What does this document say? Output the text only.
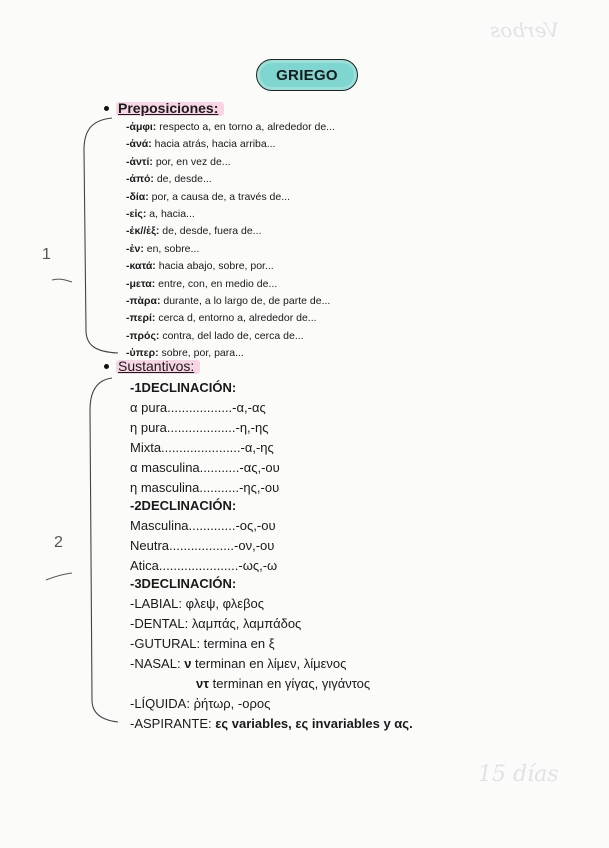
Verbos
15 días
GRIEGO
1
2
Preposiciones:
-ἀμφι: respecto a, en torno a, alrededor de...
-ἀνά: hacia atrás, hacia arriba...
-ἀντί: por, en vez de...
-ἀπό: de, desde...
-δία: por, a causa de, a través de...
-εἰς: a, hacia...
-ἐκ//ἐξ: de, desde, fuera de...
-ἐν: en, sobre...
-κατά: hacia abajo, sobre, por...
-μετα: entre, con, en medio de...
-πὰρα: durante, a lo largo de, de parte de...
-περί: cerca d, entorno a, alrededor de...
-πρός: contra, del lado de, cerca de...
-ὑπερ: sobre, por, para...
Sustantivos:
-1DECLINACIÓN:
α pura..................-α,-ας
η pura...................-η,-ης
Mixta......................-α,-ης
α masculina...........-ας,-ου
η masculina...........-ης,-ου
-2DECLINACIÓN:
Masculina.............-ος,-ου
Neutra..................-ον,-ου
Atica......................-ως,-ω
-3DECLINACIÓN:
-LABIAL: φλεψ, φλεβος
-DENTAL: λαμπάς, λαμπάδος
-GUTURAL: termina en ξ
-NASAL: ν terminan en λίμεν, λίμενος
ντ terminan en γίγας, γιγάντος
-LÍQUIDA: ῥήτωρ, -ορος
-ASPIRANTE: ες variables, ες invariables y ας.
